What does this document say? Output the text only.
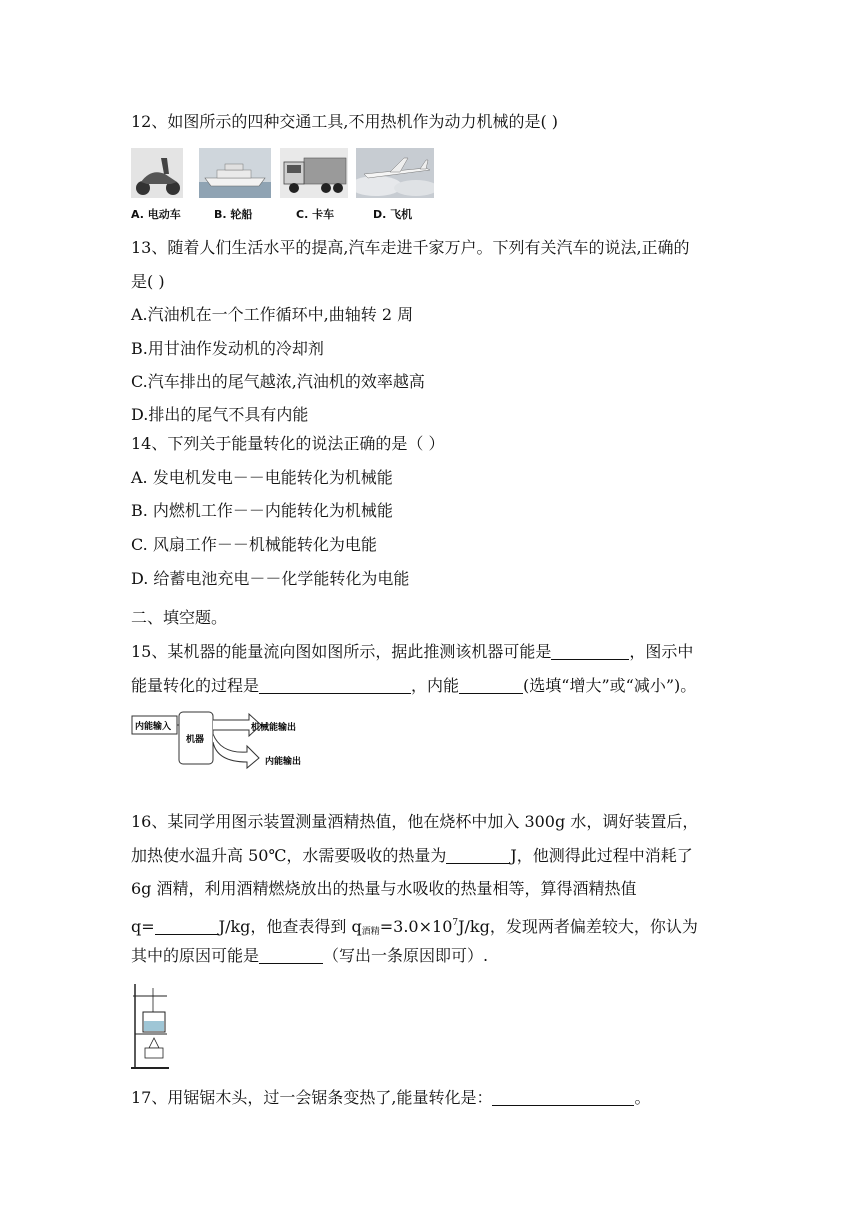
12、如图所示的四种交通工具,不用热机作为动力机械的是( )
A. 电动车	B. 轮船	C. 卡车	D. 飞机
13、随着人们生活水平的提高,汽车走进千家万户。下列有关汽车的说法,正确的
是( )
A.汽油机在一个工作循环中,曲轴转 2 周
B.用甘油作发动机的冷却剂
C.汽车排出的尾气越浓,汽油机的效率越高
D.排出的尾气不具有内能
14、下列关于能量转化的说法正确的是（ ）
A. 发电机发电－－电能转化为机械能
B. 内燃机工作－－内能转化为机械能
C. 风扇工作－－机械能转化为电能
D. 给蓄电池充电－－化学能转化为电能
二、填空题。
15、某机器的能量流向图如图所示，据此推测该机器可能是	，图示中
能量转化的过程是	，内能	(选填“增大”或“减小”)。
内能输入
机器
机械能输出
内能输出
16、某同学用图示装置测量酒精热值，他在烧杯中加入 300g 水，调好装置后，
加热使水温升高 50℃，水需要吸收的热量为	J，他测得此过程中消耗了
6g 酒精，利用酒精燃烧放出的热量与水吸收的热量相等，算得酒精热值
q=	J/kg，他查表得到 $q_{酒精}=3.0\times 10^7J/kg$，发现两者偏差较大，你认为
其中的原因可能是	（写出一条原因即可）.
17、用锯锯木头，过一会锯条变热了,能量转化是：	。
